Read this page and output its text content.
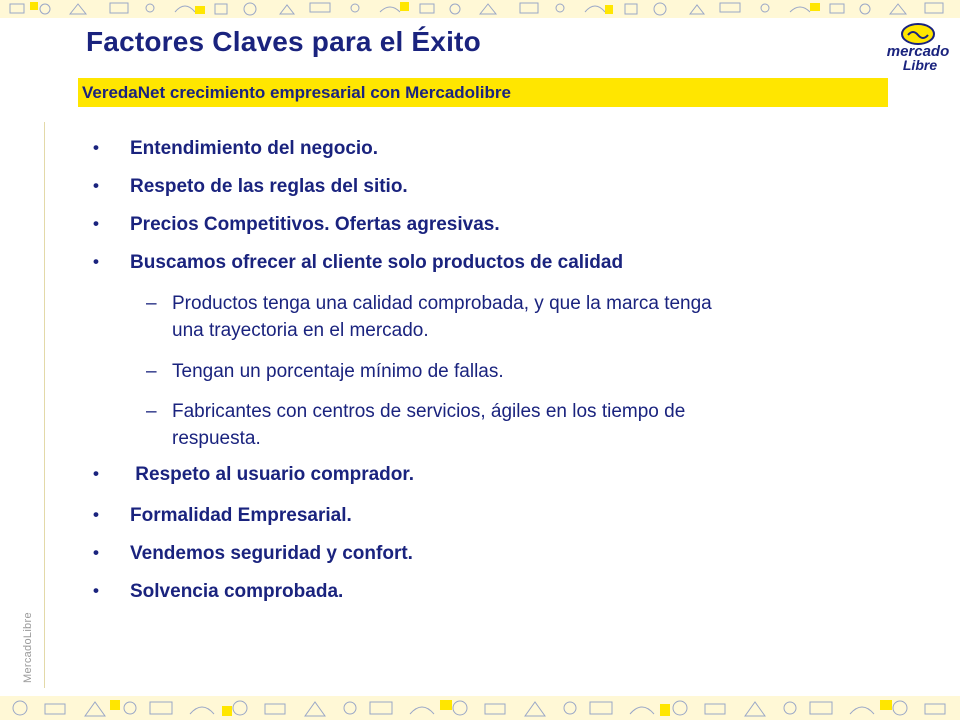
Factores Claves para el Éxito	mercado
Libre
VeredaNet crecimiento empresarial con Mercadolibre
MercadoLibre
• Entendimiento del negocio.
• Respeto de las reglas del sitio.
• Precios Competitivos. Ofertas agresivas.
• Buscamos ofrecer al cliente solo productos de calidad
– Productos tenga una calidad comprobada, y que la marca tenga
una trayectoria en el mercado.
– Tengan un porcentaje mínimo de fallas.
– Fabricantes con centros de servicios, ágiles en los tiempo de
respuesta.
• Respeto al usuario comprador.
• Formalidad Empresarial.
• Vendemos seguridad y confort.
• Solvencia comprobada.
